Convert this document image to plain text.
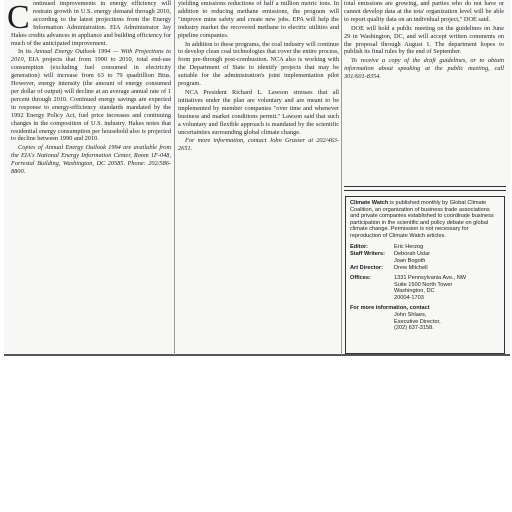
Continued improvements in energy efficiency will restrain growth in U.S. energy demand through 2010, according to the latest projections from the Energy Information Administration. EIA Administrator Jay Hakes credits advances in appliance and building efficiency for much of the anticipated improvement.

In its Annual Energy Outlook 1994 — With Projections to 2010, EIA projects that from 1990 to 2010, total end-use consumption (excluding fuel consumed in electricity generation) will increase from 63 to 79 quadrillion Btus. However, energy intensity (the amount of energy consumed per dollar of output) will decline at an average annual rate of 1 percent through 2010. Continued energy savings are expected in response to energy-efficiency standards mandated by the 1992 Energy Policy Act, fuel price increases and continuing changes in the composition of U.S. industry. Hakes notes that residential energy consumption per household also is projected to decline between 1990 and 2010.

Copies of Annual Energy Outlook 1994 are available from the EIA's National Energy Information Center, Room 1F-048, Forrestal Building, Washington, DC 20585. Phone: 202/586-8800.

yielding emissions reductions of half a million metric tons. In addition to reducing methane emissions, the program will "improve mine safety and create new jobs. EPA will help the industry market the recovered methane to electric utilities and pipeline companies.

In addition to these programs, the coal industry will continue to develop clean coal technologies that cover the entire process, from pre-through post-combustion. NCA also is working with the Department of State to identify projects that may be suitable for the administration's joint implementation pilot program.

NCA President Richard L. Lawson stresses that all initiatives under the plan are voluntary and are meant to be implemented by member companies "over time and whenever business and market conditions permit." Lawson said that such a voluntary and flexible approach is mandated by the scientific uncertainties surrounding global climate change.

For more information, contact John Grasser at 202/463-2651.

total emissions are growing, and parties who do not have or cannot develop data at the tota' organization level will be able to report quality data on an individual project," DOE said.

DOE will hold a public meeting on the guidelines on June 29 in Washington, DC, and will accept written comments on the proposal through August 1. The department hopes to publish its final rules by the end of September.

To receive a copy of the draft guidelines, or to obtain information about speaking at the public meeting, call 301/601-8354.

Climate Watch is published monthly by Global Climate Coalition, an organization of business trade associations and private companies established to coordinate business participation in the scientific and policy debate on global climate change. Permission is not necessary for reproduction of Climate Watch articles.
Editor:	Eric Herzog
Staff Writers:	Deborah Uslar
Joan Bogoth
Art Director:	Drew Mitchell
Offices:	1331 Pennsylvania Ave., NW
Suite 1500 North Tower
Washington, DC
20004-1703
For more information, contact
John Shlaes,
Executive Director,
(202) 637-3158.
